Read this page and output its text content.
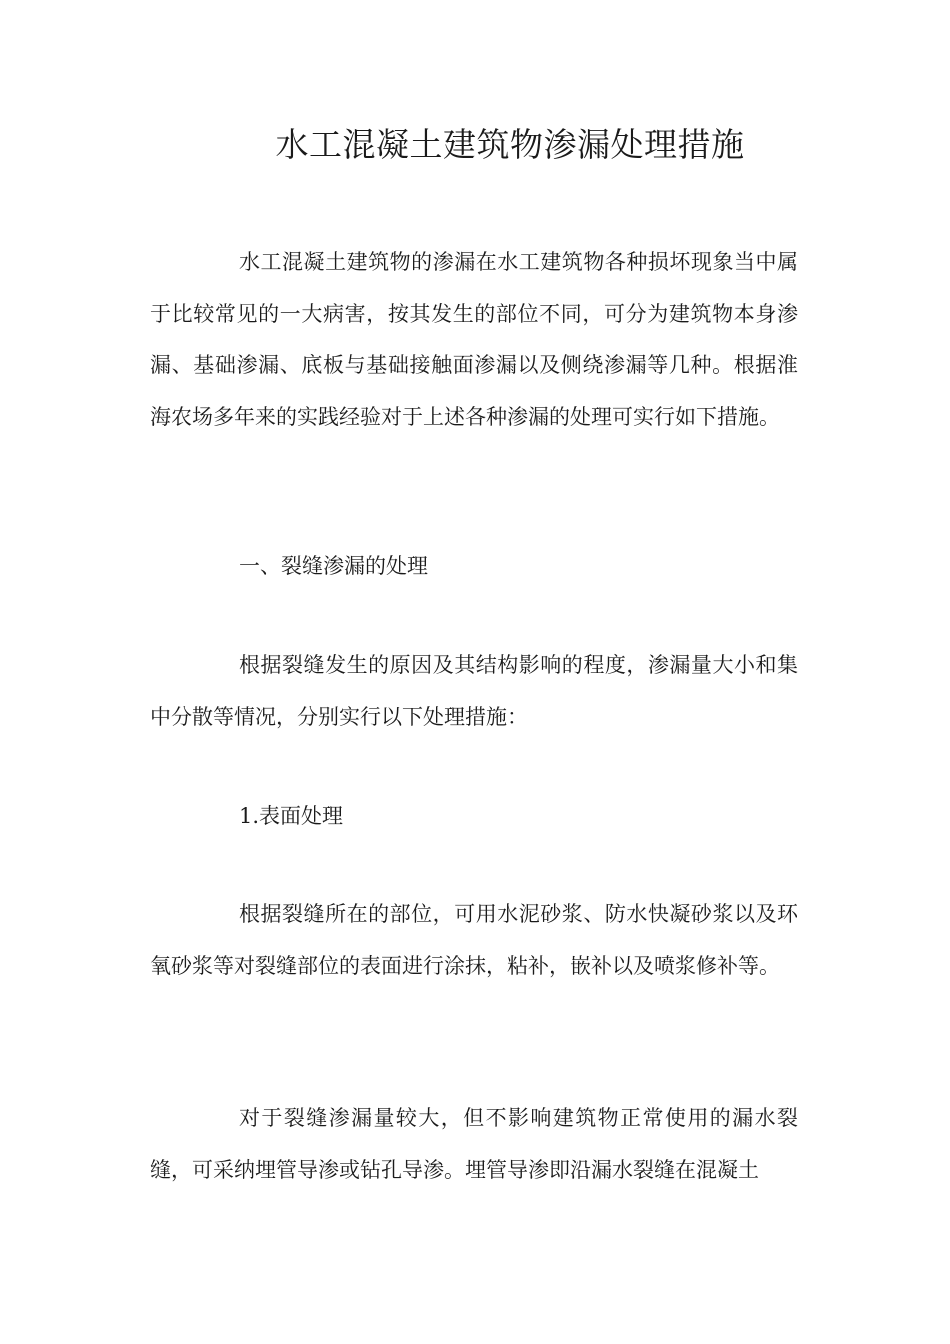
水工混凝土建筑物渗漏处理措施

水工混凝土建筑物的渗漏在水工建筑物各种损坏现象当中属于比较常见的一大病害，按其发生的部位不同，可分为建筑物本身渗漏、基础渗漏、底板与基础接触面渗漏以及侧绕渗漏等几种。根据淮海农场多年来的实践经验对于上述各种渗漏的处理可实行如下措施。

一、裂缝渗漏的处理

根据裂缝发生的原因及其结构影响的程度，渗漏量大小和集中分散等情况，分别实行以下处理措施：

1.表面处理

根据裂缝所在的部位，可用水泥砂浆、防水快凝砂浆以及环氧砂浆等对裂缝部位的表面进行涂抹，粘补，嵌补以及喷浆修补等。

对于裂缝渗漏量较大，但不影响建筑物正常使用的漏水裂缝，可采纳埋管导渗或钻孔导渗。埋管导渗即沿漏水裂缝在混凝土
